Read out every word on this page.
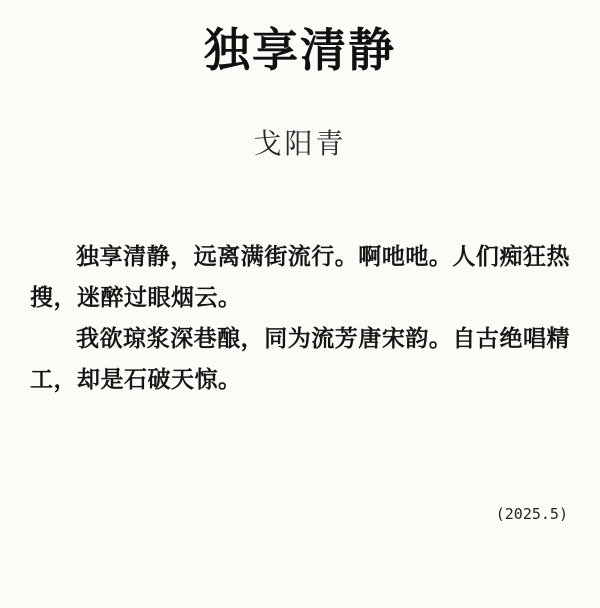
独享清静
戈阳青

独享清静，远离满街流行。啊吔吔。人们痴狂热搜，迷醉过眼烟云。

我欲琼浆深巷酿，同为流芳唐宋韵。自古绝唱精工，却是石破天惊。

(2025.5)
